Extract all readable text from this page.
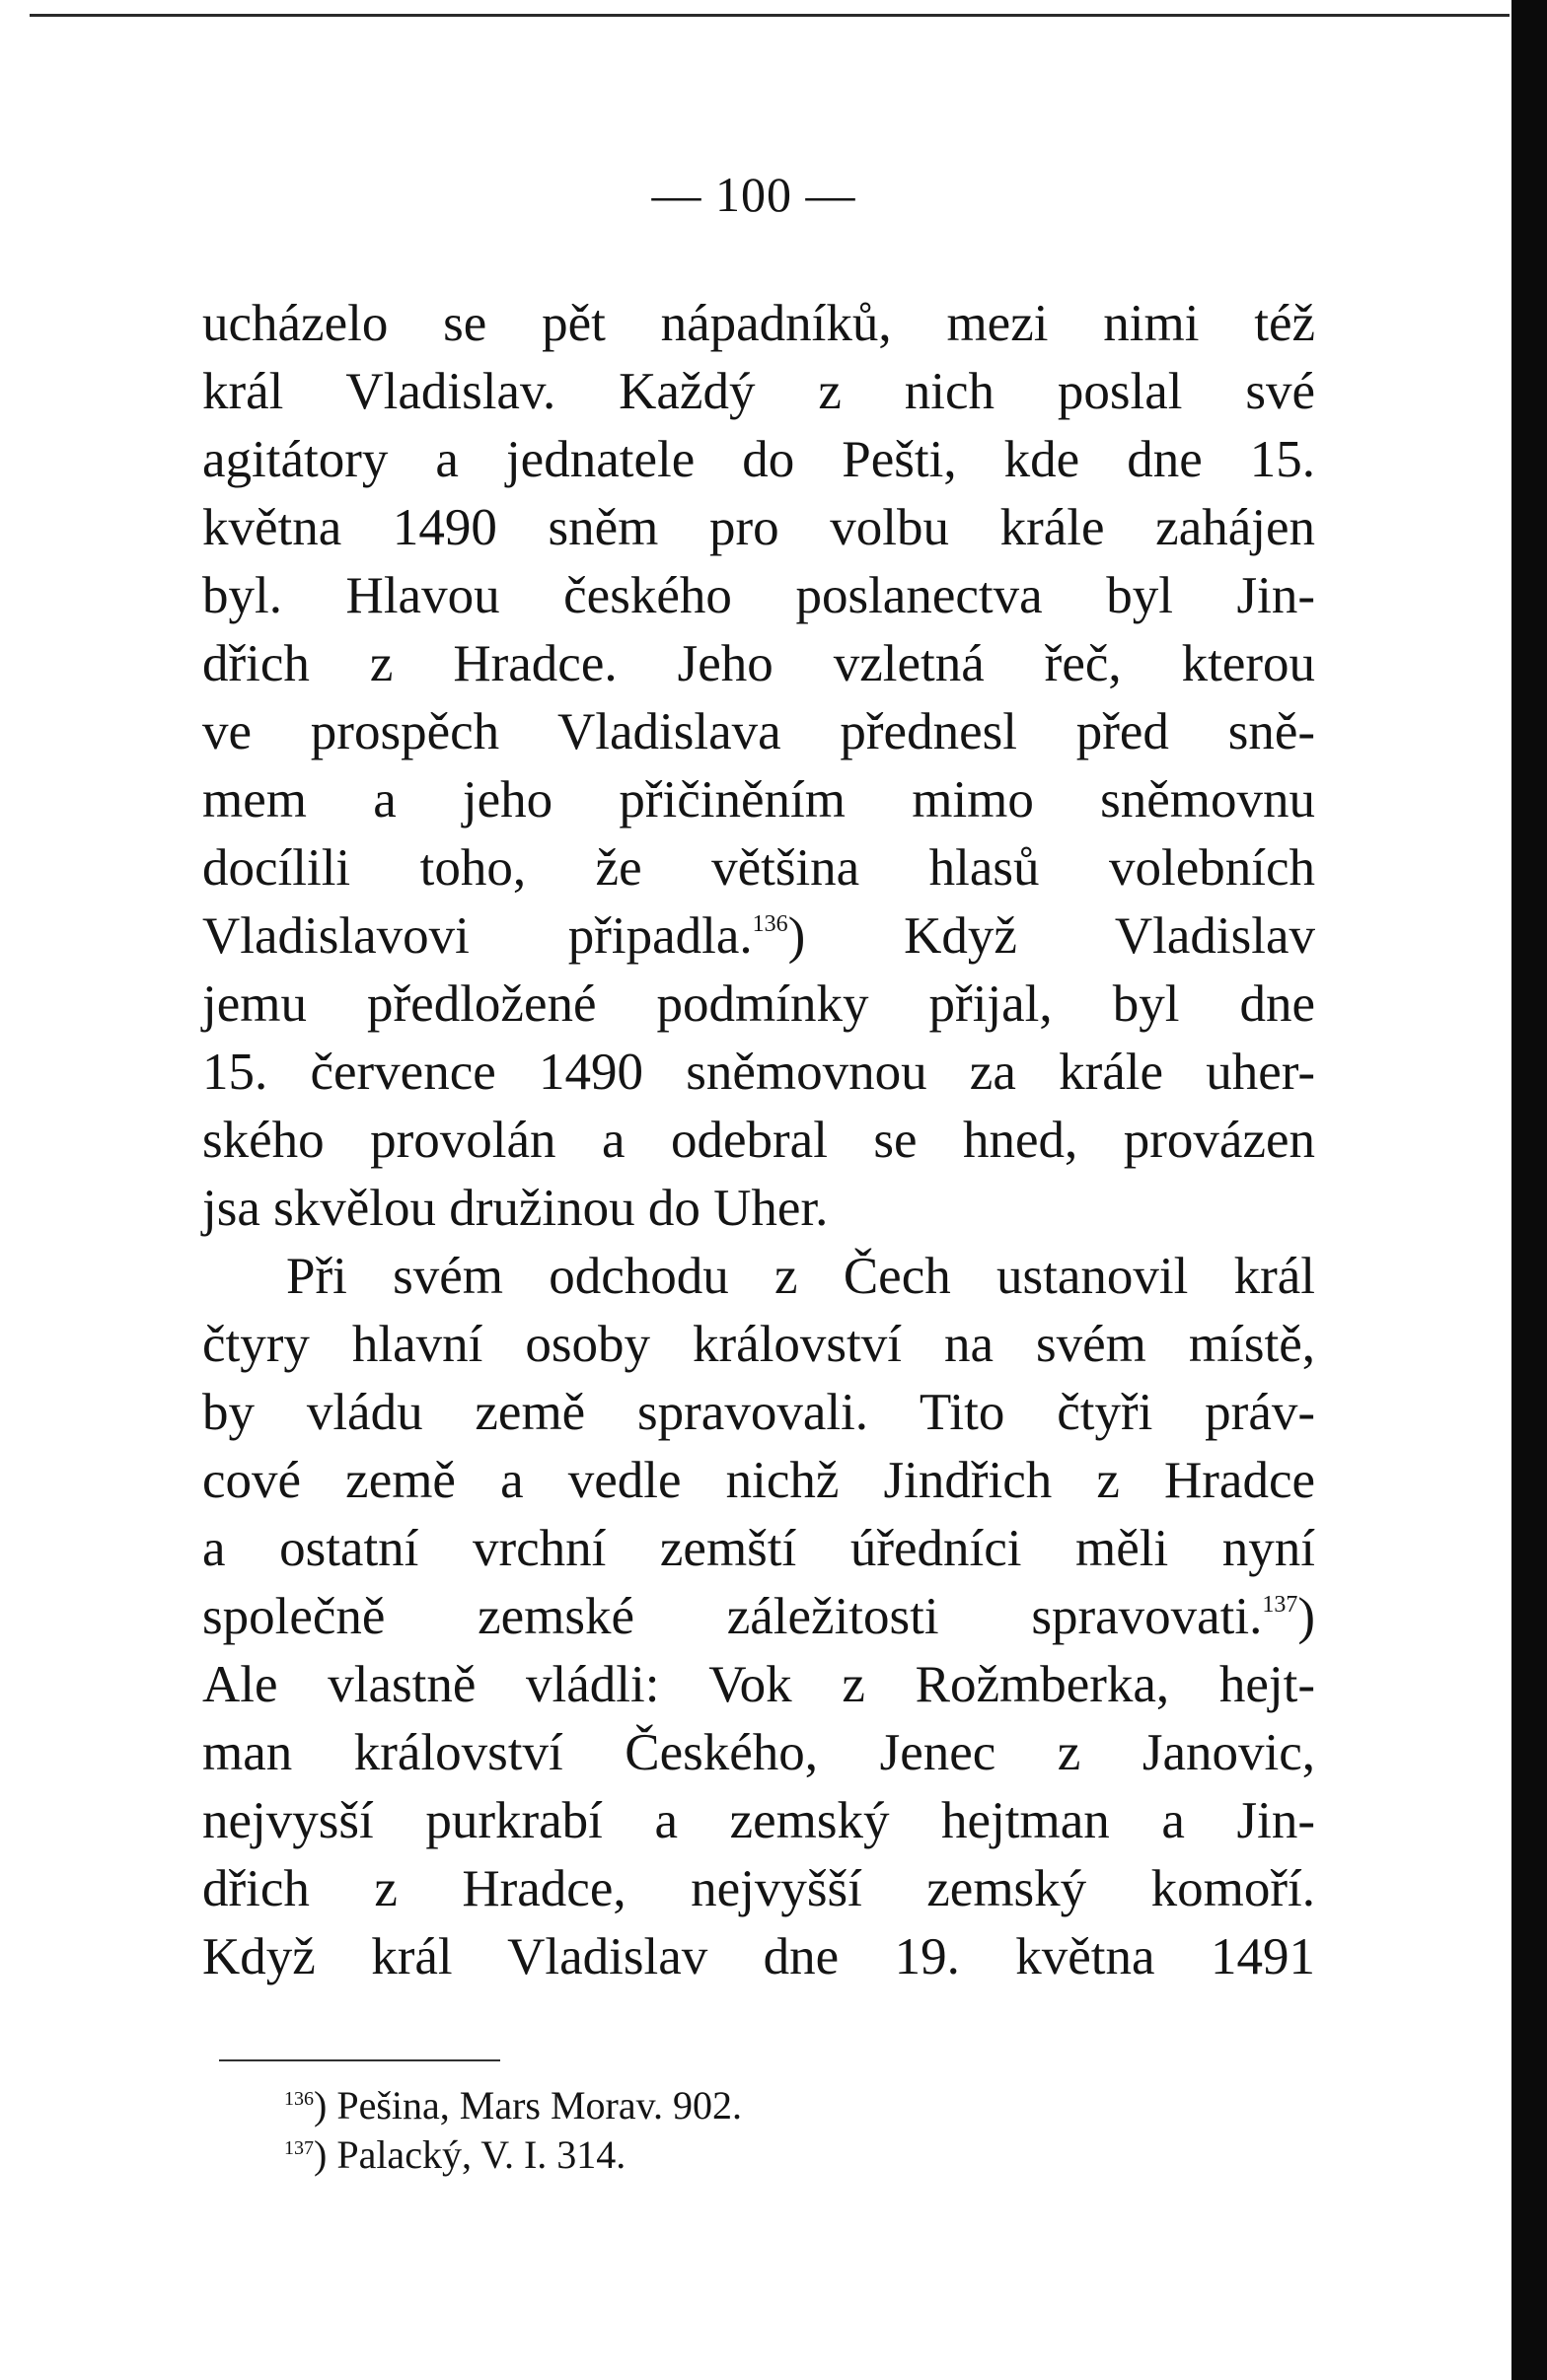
— 100 —
ucházelo se pět nápadníků, mezi nimi též
král Vladislav. Každý z nich poslal své
agitátory a jednatele do Pešti, kde dne 15.
května 1490 sněm pro volbu krále zahájen
byl. Hlavou českého poslanectva byl Jin-
dřich z Hradce. Jeho vzletná řeč, kterou
ve prospěch Vladislava přednesl před sně-
mem a jeho přičiněním mimo sněmovnu
docílili toho, že většina hlasů volebních
Vladislavovi připadla.$^{136}$) Když Vladislav
jemu předložené podmínky přijal, byl dne
15. července 1490 sněmovnou za krále uher-
ského provolán a odebral se hned, provázen
jsa skvělou družinou do Uher.
Při svém odchodu z Čech ustanovil král
čtyry hlavní osoby království na svém místě,
by vládu země spravovali. Tito čtyři práv-
cové země a vedle nichž Jindřich z Hradce
a ostatní vrchní zemští úředníci měli nyní
společně zemské záležitosti spravovati.$^{137}$)
Ale vlastně vládli: Vok z Rožmberka, hejt-
man království Českého, Jenec z Janovic,
nejvysší purkrabí a zemský hejtman a Jin-
dřich z Hradce, nejvyšší zemský komoří.
Když král Vladislav dne 19. května 1491
$^{136}$) Pešina, Mars Morav. 902.
$^{137}$) Palacký, V. I. 314.
